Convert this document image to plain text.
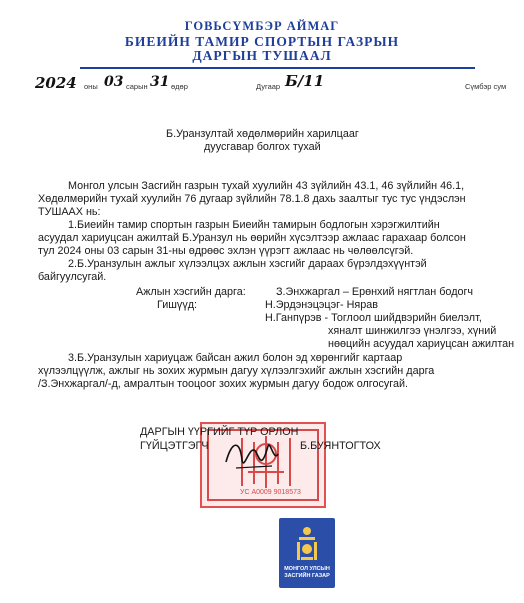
ГОВЬСҮМБЭР АЙМАГ
БИЕИЙН ТАМИР СПОРТЫН ГАЗРЫН
ДАРГЫН ТУШААЛ
2024 оны 03 сарын 31 өдөр	Дугаар Б/11	Сүмбэр сум
Б.Уранзултай хөдөлмөрийн харилцааг
дуусгавар болгох тухай
Монгол улсын Засгийн газрын тухай хуулийн 43 зүйлийн 43.1, 46 зүйлийн 46.1,
Хөдөлмөрийн тухай хуулийн 76 дугаар зүйлийн 78.1.8 дахь заалтыг тус тус үндэслэн
ТУШААХ нь:
1.Биеийн тамир спортын газрын Биеийн тамирын бодлогын хэрэгжилтийн
асуудал хариуцсан ажилтай Б.Уранзул нь өөрийн хүсэлтээр ажлаас гарахаар болсон
тул 2024 оны 03 сарын 31-ны өдрөөс эхлэн үүрэгт ажлаас нь чөлөөлсүгэй.
2.Б.Уранзулын ажлыг хүлээлцэх ажлын хэсгийг дараах бүрэлдэхүүнтэй
байгуулсугай.
Ажлын хэсгийн дарга:	З.Энхжаргал – Ерөнхий нягтлан бодогч
Гишүүд:	Н.Эрдэнэцэцэг- Нярав
Н.Ганпүрэв - Тоглоол шийдвэрийн биелэлт,
хяналт шинжилгээ үнэлгээ, хүний
нөөцийн асуудал хариуцсан ажилтан
3.Б.Уранзулын хариуцаж байсан ажил болон эд хөрөнгийг картаар
хүлээлцүүлж, ажлыг нь зохих журмын дагуу хүлээлгэхийг ажлын хэсгийн дарга
/З.Энхжаргал/-д, амралтын тооцоог зохих журмын дагуу бодож олгосугай.
УС A0009 9018573
ДАРГЫН ҮҮРГИЙГ ТҮР ОРЛОН
ГҮЙЦЭТГЭГЧ	Б.БУЯНТОГТОХ
МОНГОЛ УЛСЫН
ЗАСГИЙН ГАЗАР
